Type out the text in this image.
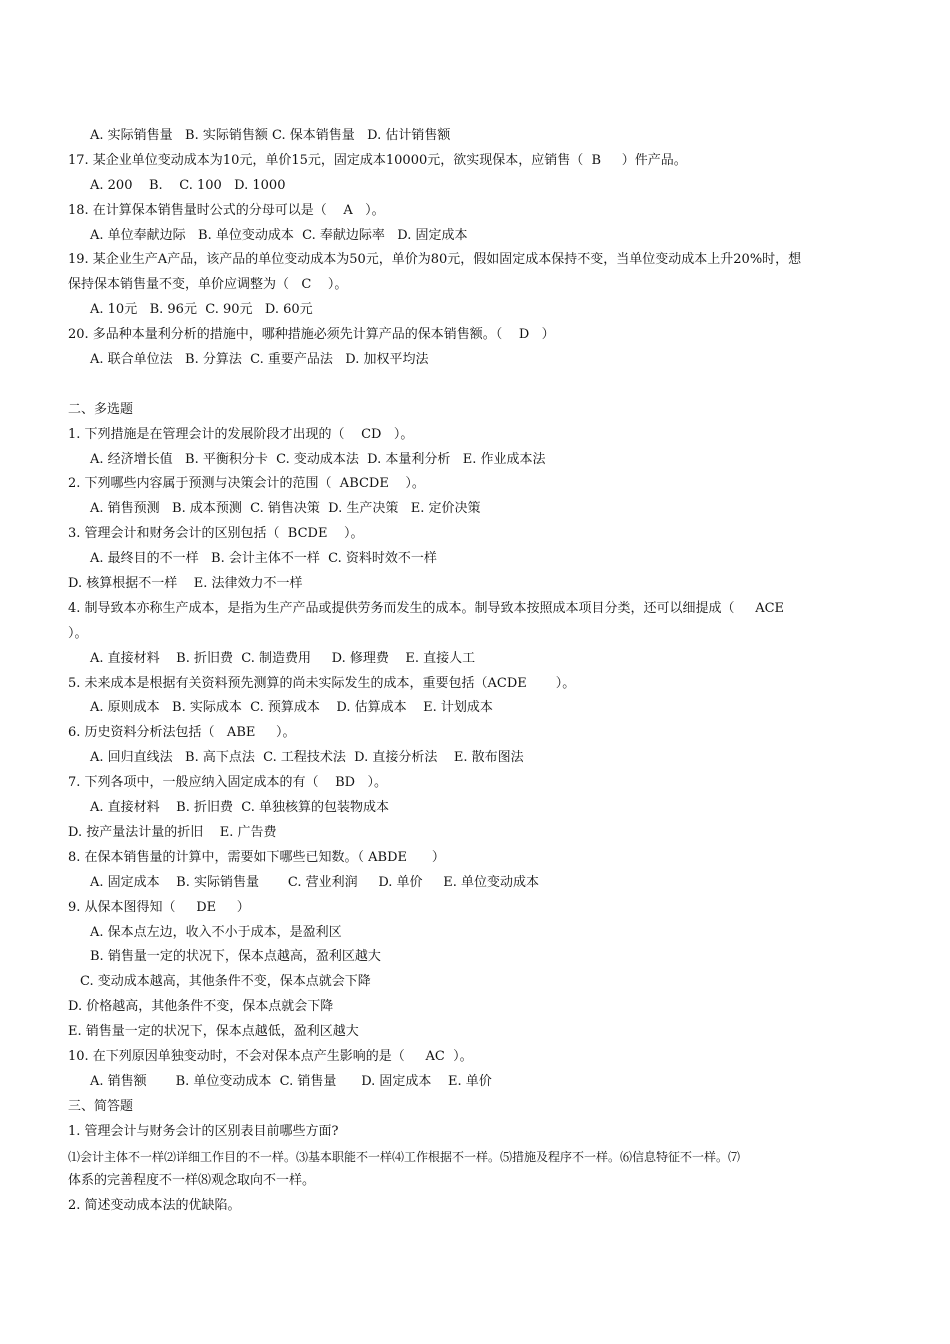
A. 实际销售量   B. 实际销售额 C. 保本销售量   D. 估计销售额
17. 某企业单位变动成本为10元，单价15元，固定成本10000元，欲实现保本，应销售（  B     ）件产品。
A. 200    B.    C. 100   D. 1000
18. 在计算保本销售量时公式的分母可以是（    A   ）。
A. 单位奉献边际   B. 单位变动成本  C. 奉献边际率   D. 固定成本
19. 某企业生产A产品，该产品的单位变动成本为50元，单价为80元，假如固定成本保持不变，当单位变动成本上升20%时，想
保持保本销售量不变，单价应调整为（   C    ）。
A. 10元   B. 96元  C. 90元   D. 60元
20. 多品种本量利分析的措施中，哪种措施必须先计算产品的保本销售额。（    D   ）
A. 联合单位法   B. 分算法  C. 重要产品法   D. 加权平均法
二、多选题
1. 下列措施是在管理会计的发展阶段才出现的（    CD   ）。
A. 经济增长值   B. 平衡积分卡  C. 变动成本法  D. 本量利分析   E. 作业成本法
2. 下列哪些内容属于预测与决策会计的范围（  ABCDE    ）。
A. 销售预测   B. 成本预测  C. 销售决策  D. 生产决策   E. 定价决策
3. 管理会计和财务会计的区别包括（  BCDE    ）。
A. 最终目的不一样   B. 会计主体不一样  C. 资料时效不一样
D. 核算根据不一样    E. 法律效力不一样
4. 制导致本亦称生产成本，是指为生产产品或提供劳务而发生的成本。制导致本按照成本项目分类，还可以细提成（     ACE
）。
A. 直接材料    B. 折旧费  C. 制造费用     D. 修理费    E. 直接人工
5. 未来成本是根据有关资料预先测算的尚未实际发生的成本，重要包括（ACDE       ）。
A. 原则成本   B. 实际成本  C. 预算成本    D. 估算成本    E. 计划成本
6. 历史资料分析法包括（   ABE     ）。
A. 回归直线法   B. 高下点法  C. 工程技术法  D. 直接分析法    E. 散布图法
7. 下列各项中，一般应纳入固定成本的有（    BD   ）。
A. 直接材料    B. 折旧费  C. 单独核算的包装物成本
D. 按产量法计量的折旧    E. 广告费
8. 在保本销售量的计算中，需要如下哪些已知数。（ ABDE      ）
A. 固定成本    B. 实际销售量       C. 营业利润     D. 单价     E. 单位变动成本
9. 从保本图得知（     DE     ）
A. 保本点左边，收入不小于成本，是盈利区
B. 销售量一定的状况下，保本点越高，盈利区越大
C. 变动成本越高，其他条件不变，保本点就会下降
D. 价格越高，其他条件不变，保本点就会下降
E. 销售量一定的状况下，保本点越低，盈利区越大
10. 在下列原因单独变动时，不会对保本点产生影响的是（     AC  ）。
A. 销售额       B. 单位变动成本  C. 销售量      D. 固定成本    E. 单价
三、简答题
1. 管理会计与财务会计的区别表目前哪些方面?
⑴会计主体不一样⑵详细工作目的不一样。⑶基本职能不一样⑷工作根据不一样。⑸措施及程序不一样。⑹信息特征不一样。⑺
体系的完善程度不一样⑻观念取向不一样。
2. 简述变动成本法的优缺陷。
